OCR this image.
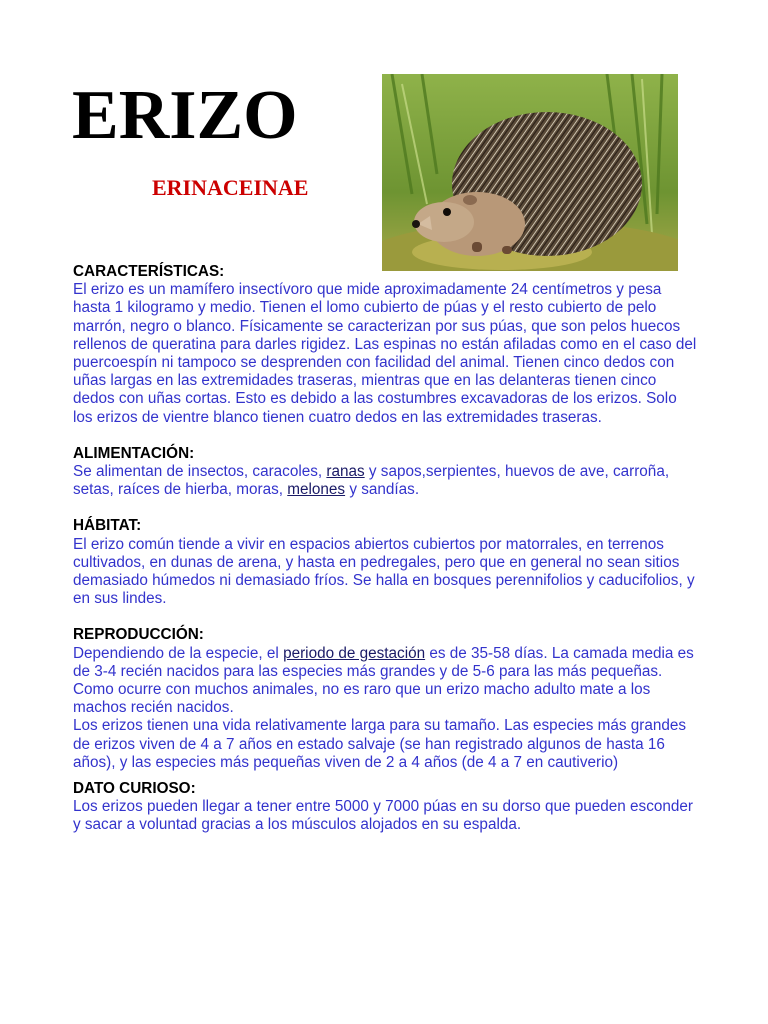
ERIZO
ERINACEINAE

CARACTERÍSTICAS:

El erizo es un mamífero insectívoro que mide aproximadamente 24 centímetros y pesa hasta 1 kilogramo y medio. Tienen el lomo cubierto de púas y el resto cubierto de pelo marrón, negro o blanco. Físicamente se caracterizan por sus púas, que son pelos huecos rellenos de queratina para darles rigidez. Las espinas no están afiladas como en el caso del puercoespín ni tampoco se desprenden con facilidad del animal. Tienen cinco dedos con uñas largas en las extremidades traseras, mientras que en las delanteras tienen cinco dedos con uñas cortas. Esto es debido a las costumbres excavadoras de los erizos. Solo los erizos de vientre blanco tienen cuatro dedos en las extremidades traseras.

ALIMENTACIÓN:

Se alimentan de insectos, caracoles, ranas y sapos,serpientes, huevos de ave, carroña, setas, raíces de hierba, moras, melones y sandías.

HÁBITAT:

El erizo común tiende a vivir en espacios abiertos cubiertos por matorrales, en terrenos cultivados, en dunas de arena, y hasta en pedregales, pero que en general no sean sitios demasiado húmedos ni demasiado fríos. Se halla en bosques perennifolios y caducifolios, y en sus lindes.

REPRODUCCIÓN:

Dependiendo de la especie, el periodo de gestación es de 35-58 días. La camada media es de 3-4 recién nacidos para las especies más grandes y de 5-6 para las más pequeñas. Como ocurre con muchos animales, no es raro que un erizo macho adulto mate a los machos recién nacidos.

Los erizos tienen una vida relativamente larga para su tamaño. Las especies más grandes de erizos viven de 4 a 7 años en estado salvaje (se han registrado algunos de hasta 16 años), y las especies más pequeñas viven de 2 a 4 años (de 4 a 7 en cautiverio)

DATO CURIOSO:

Los erizos pueden llegar a tener entre 5000 y 7000 púas en su dorso que pueden esconder y sacar a voluntad gracias a los músculos alojados en su espalda.
